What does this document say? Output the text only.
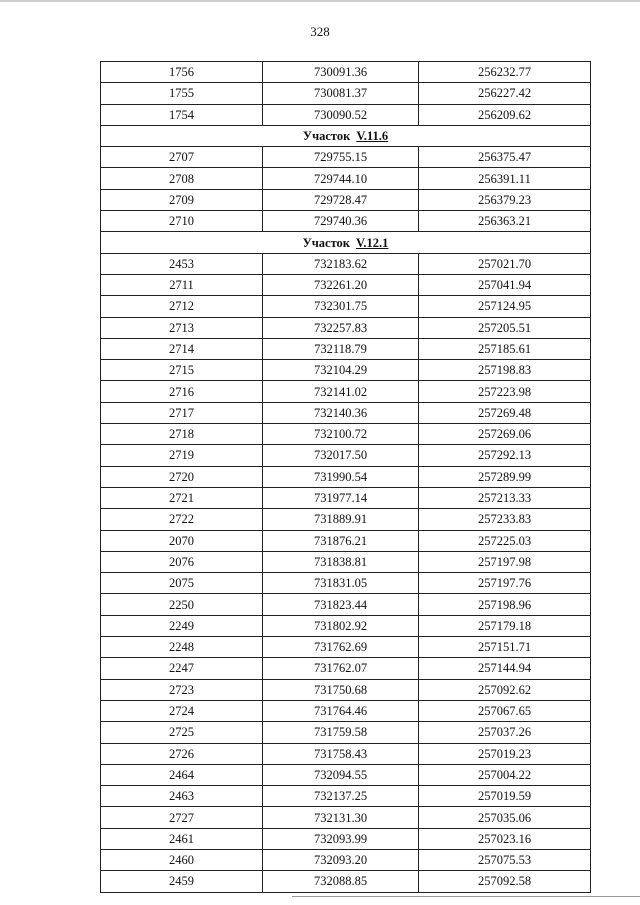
328
1756	730091.36	256232.77
1755	730081.37	256227.42
1754	730090.52	256209.62
Участок V.11.6		
2707	729755.15	256375.47
2708	729744.10	256391.11
2709	729728.47	256379.23
2710	729740.36	256363.21
Участок V.12.1		
2453	732183.62	257021.70
2711	732261.20	257041.94
2712	732301.75	257124.95
2713	732257.83	257205.51
2714	732118.79	257185.61
2715	732104.29	257198.83
2716	732141.02	257223.98
2717	732140.36	257269.48
2718	732100.72	257269.06
2719	732017.50	257292.13
2720	731990.54	257289.99
2721	731977.14	257213.33
2722	731889.91	257233.83
2070	731876.21	257225.03
2076	731838.81	257197.98
2075	731831.05	257197.76
2250	731823.44	257198.96
2249	731802.92	257179.18
2248	731762.69	257151.71
2247	731762.07	257144.94
2723	731750.68	257092.62
2724	731764.46	257067.65
2725	731759.58	257037.26
2726	731758.43	257019.23
2464	732094.55	257004.22
2463	732137.25	257019.59
2727	732131.30	257035.06
2461	732093.99	257023.16
2460	732093.20	257075.53
2459	732088.85	257092.58
